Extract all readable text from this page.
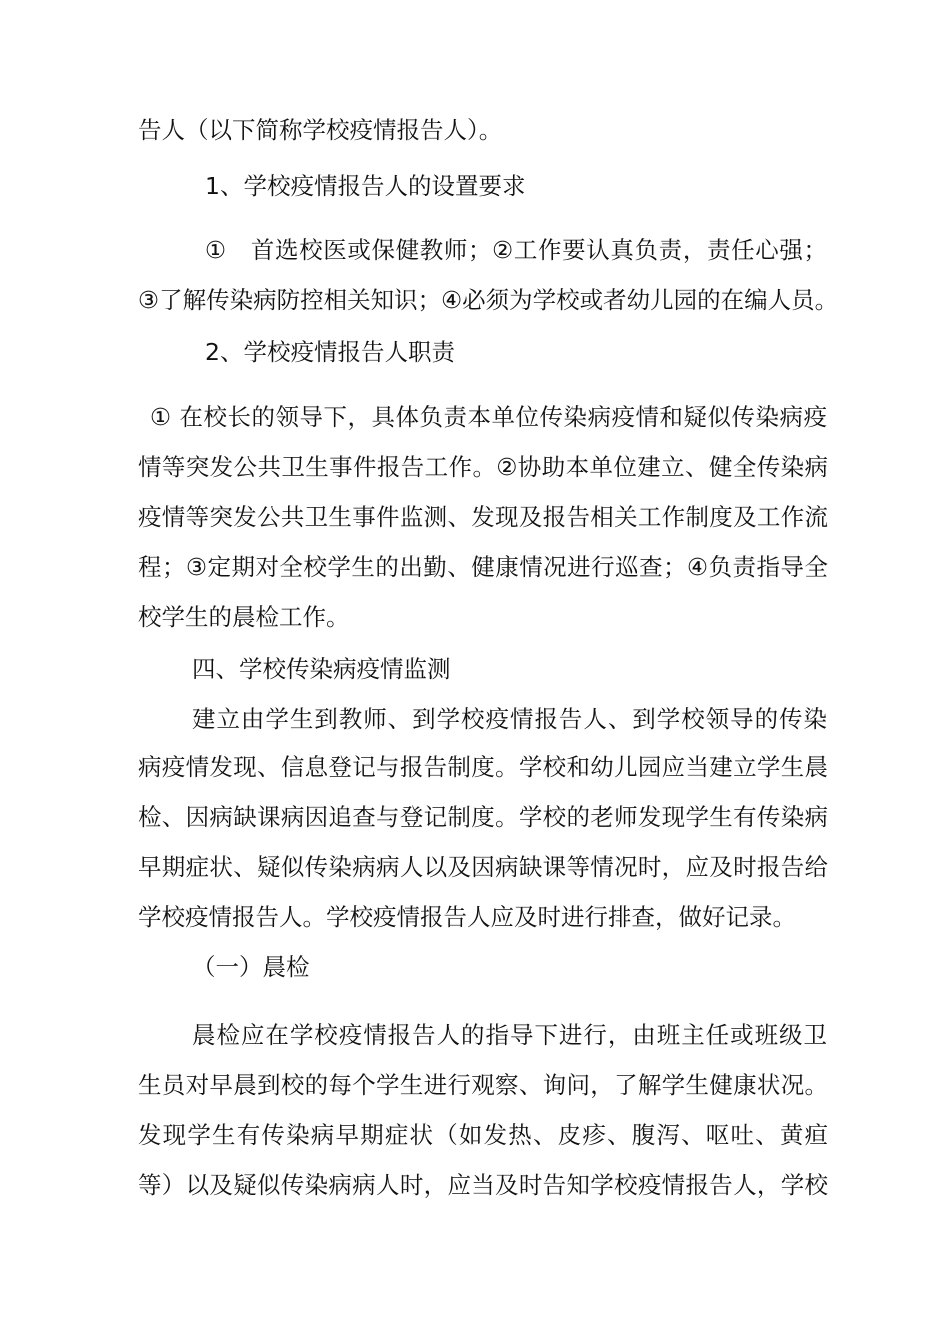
告人（以下简称学校疫情报告人）。
1、学校疫情报告人的设置要求
①　首选校医或保健教师；②工作要认真负责，责任心强；
③了解传染病防控相关知识；④必须为学校或者幼儿园的在编人员。
2、学校疫情报告人职责
① 在校长的领导下，具体负责本单位传染病疫情和疑似传染病疫
情等突发公共卫生事件报告工作。②协助本单位建立、健全传染病
疫情等突发公共卫生事件监测、发现及报告相关工作制度及工作流
程；③定期对全校学生的出勤、健康情况进行巡查；④负责指导全
校学生的晨检工作。
四、学校传染病疫情监测
建立由学生到教师、到学校疫情报告人、到学校领导的传染
病疫情发现、信息登记与报告制度。学校和幼儿园应当建立学生晨
检、因病缺课病因追查与登记制度。学校的老师发现学生有传染病
早期症状、疑似传染病病人以及因病缺课等情况时，应及时报告给
学校疫情报告人。学校疫情报告人应及时进行排查，做好记录。
（一）晨检
晨检应在学校疫情报告人的指导下进行，由班主任或班级卫
生员对早晨到校的每个学生进行观察、询问，了解学生健康状况。
发现学生有传染病早期症状（如发热、皮疹、腹泻、呕吐、黄疸
等）以及疑似传染病病人时，应当及时告知学校疫情报告人，学校
